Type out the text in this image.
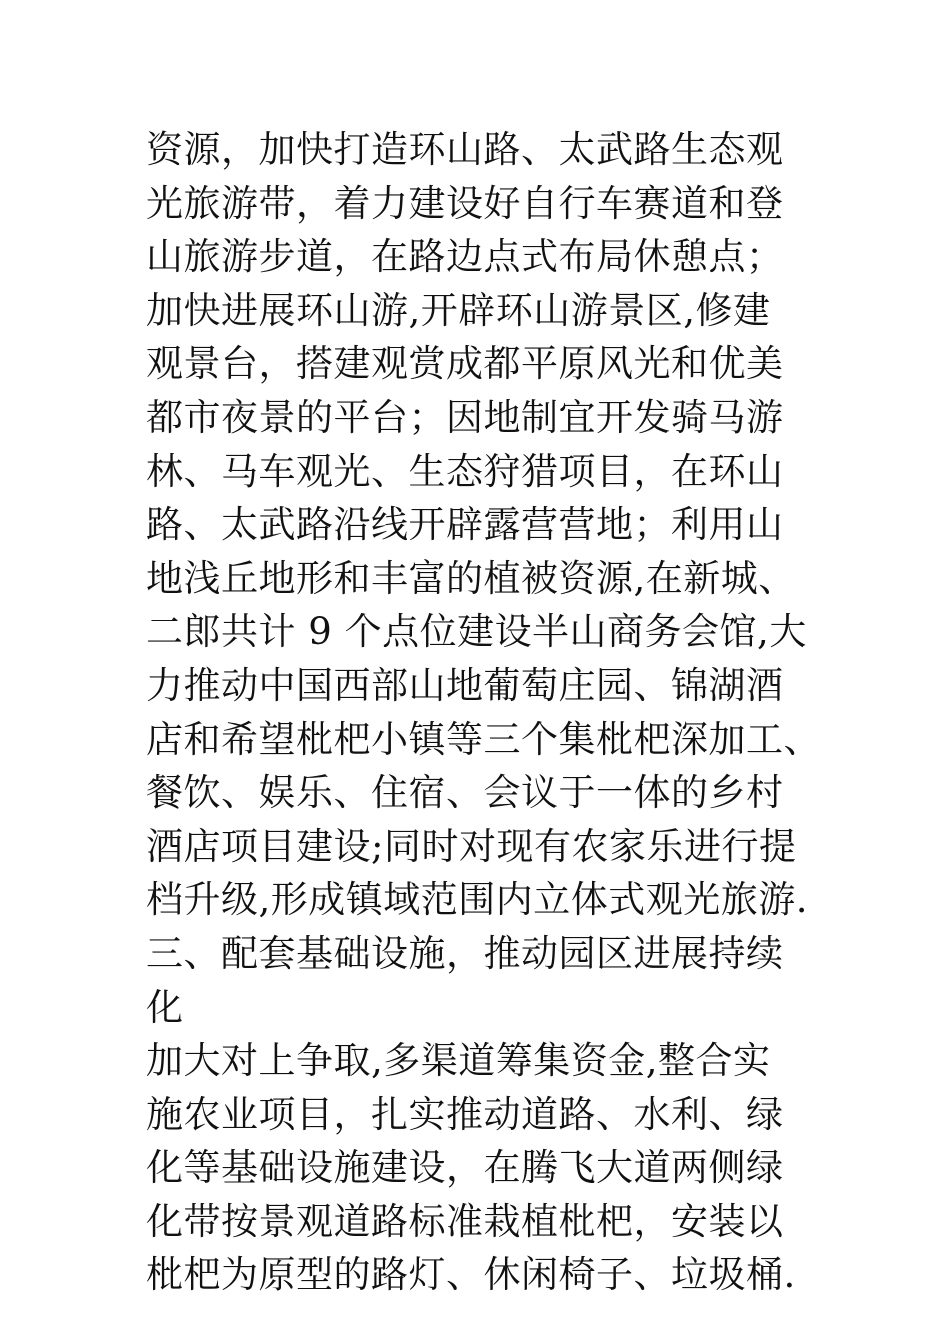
资源，加快打造环山路、太武路生态观
光旅游带，着力建设好自行车赛道和登
山旅游步道，在路边点式布局休憩点；
加快进展环山游,开辟环山游景区,修建
观景台，搭建观赏成都平原风光和优美
都市夜景的平台；因地制宜开发骑马游
林、马车观光、生态狩猎项目，在环山
路、太武路沿线开辟露营营地；利用山
地浅丘地形和丰富的植被资源,在新城、
二郎共计 9 个点位建设半山商务会馆,大
力推动中国西部山地葡萄庄园、锦湖酒
店和希望枇杷小镇等三个集枇杷深加工、
餐饮、娱乐、住宿、会议于一体的乡村
酒店项目建设;同时对现有农家乐进行提
档升级,形成镇域范围内立体式观光旅游.
三、配套基础设施，推动园区进展持续
化
加大对上争取,多渠道筹集资金,整合实
施农业项目，扎实推动道路、水利、绿
化等基础设施建设，在腾飞大道两侧绿
化带按景观道路标准栽植枇杷，安装以
枇杷为原型的路灯、休闲椅子、垃圾桶.
